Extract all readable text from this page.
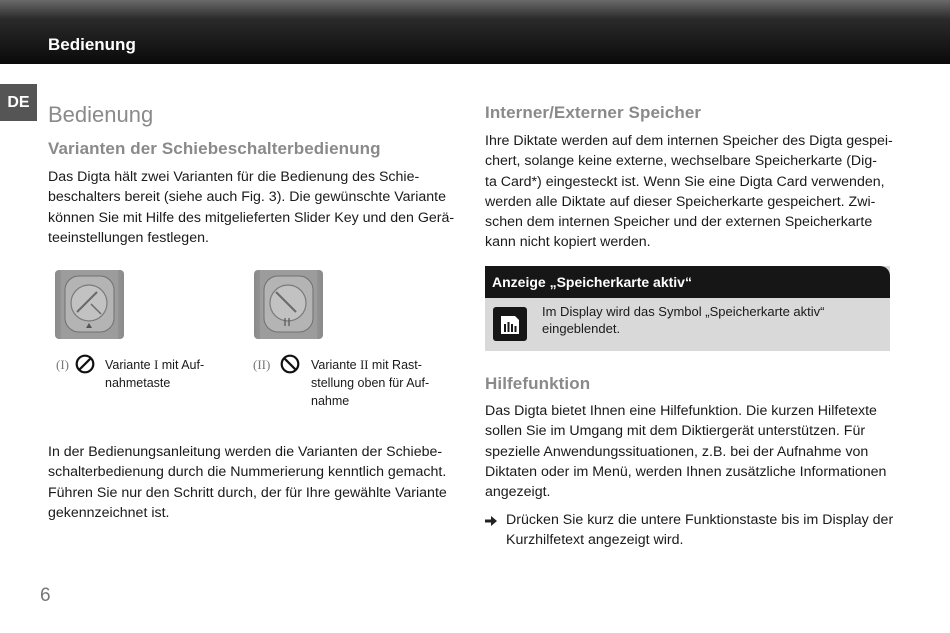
Bedienung
DE Bedienung
Varianten der Schiebeschalterbedienung
Das Digta hält zwei Varianten für die Bedienung des Schie-
beschalters bereit (siehe auch Fig. 3). Die gewünschte Variante
können Sie mit Hilfe des mitgelieferten Slider Key und den Gerä-
teeinstellungen festlegen.
(I)	Variante I mit Auf-
nahmetaste
(II)	Variante II mit Rast-
stellung oben für Auf-
nahme
In der Bedienungsanleitung werden die Varianten der Schiebe-
schalterbedienung durch die Nummerierung kenntlich gemacht.
Führen Sie nur den Schritt durch, der für Ihre gewählte Variante
gekennzeichnet ist.
Interner/Externer Speicher
Ihre Diktate werden auf dem internen Speicher des Digta gespei-
chert, solange keine externe, wechselbare Speicherkarte (Dig-
ta Card*) eingesteckt ist. Wenn Sie eine Digta Card verwenden,
werden alle Diktate auf dieser Speicherkarte gespeichert. Zwi-
schen dem internen Speicher und der externen Speicherkarte
kann nicht kopiert werden.
Anzeige „Speicherkarte aktiv“
Im Display wird das Symbol „Speicherkarte aktiv“
eingeblendet.
Hilfefunktion
Das Digta bietet Ihnen eine Hilfefunktion. Die kurzen Hilfetexte
sollen Sie im Umgang mit dem Diktiergerät unterstützen. Für
spezielle Anwendungssituationen, z.B. bei der Aufnahme von
Diktaten oder im Menü, werden Ihnen zusätzliche Informationen
angezeigt.
Drücken Sie kurz die untere Funktionstaste bis im Display der
Kurzhilfetext angezeigt wird.
6
